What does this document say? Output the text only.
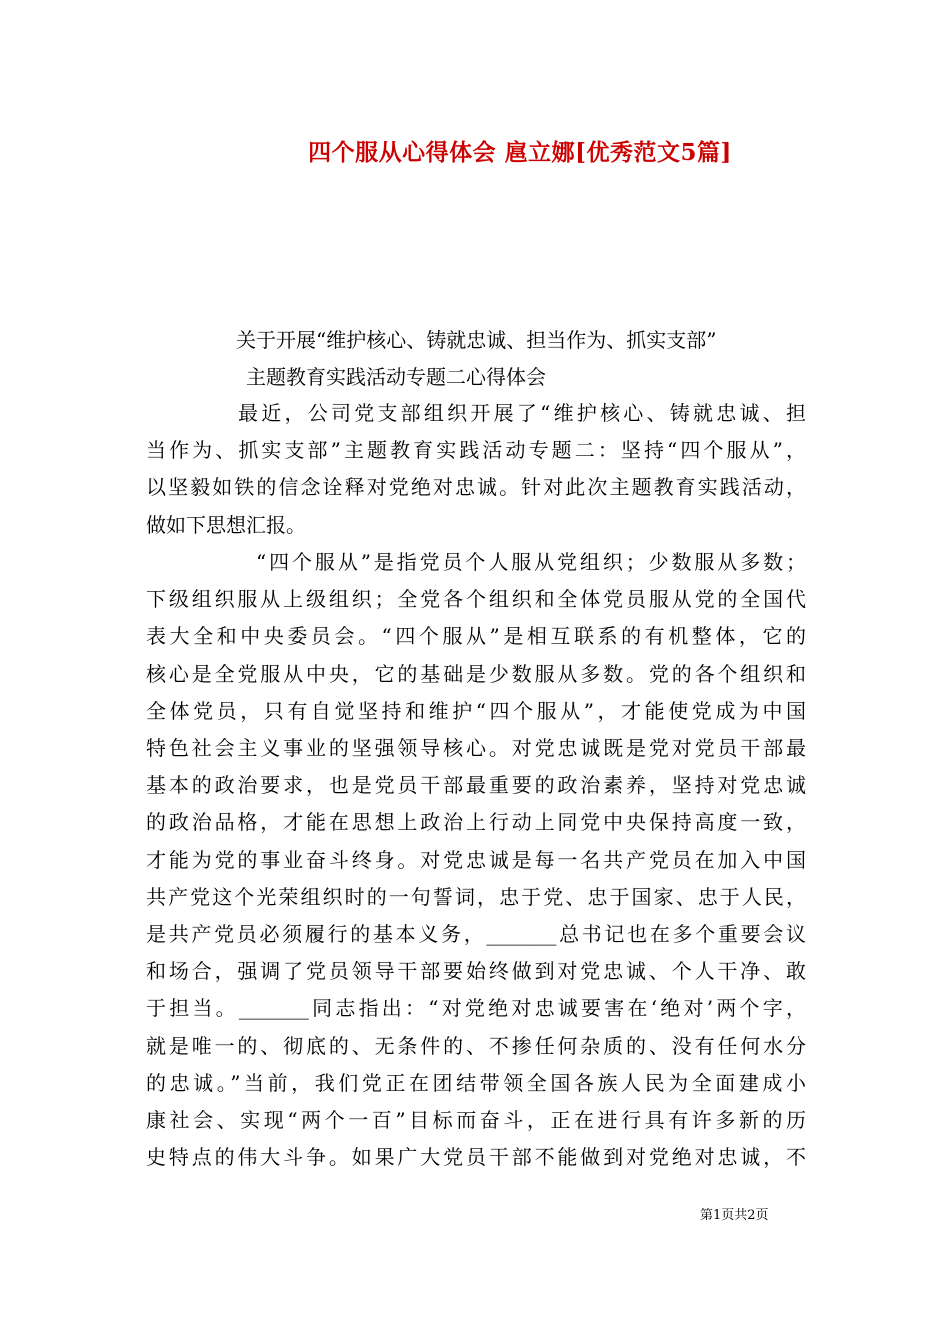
四个服从心得体会 扈立娜[优秀范文5篇]
关于开展“维护核心、铸就忠诚、担当作为、抓实支部”
主题教育实践活动专题二心得体会
最近，公司党支部组织开展了“维护核心、铸就忠诚、担
当作为、抓实支部”主题教育实践活动专题二：坚持“四个服从”，
以坚毅如铁的信念诠释对党绝对忠诚。针对此次主题教育实践活动，
做如下思想汇报。
“四个服从”是指党员个人服从党组织；少数服从多数；
下级组织服从上级组织；全党各个组织和全体党员服从党的全国代
表大全和中央委员会。“四个服从”是相互联系的有机整体，它的
核心是全党服从中央，它的基础是少数服从多数。党的各个组织和
全体党员，只有自觉坚持和维护“四个服从”，才能使党成为中国
特色社会主义事业的坚强领导核心。对党忠诚既是党对党员干部最
基本的政治要求，也是党员干部最重要的政治素养，坚持对党忠诚
的政治品格，才能在思想上政治上行动上同党中央保持高度一致，
才能为党的事业奋斗终身。对党忠诚是每一名共产党员在加入中国
共产党这个光荣组织时的一句誓词，忠于党、忠于国家、忠于人民，
是共产党员必须履行的基本义务，_______总书记也在多个重要会议
和场合，强调了党员领导干部要始终做到对党忠诚、个人干净、敢
于担当。_______同志指出：“对党绝对忠诚要害在‘绝对’两个字，
就是唯一的、彻底的、无条件的、不掺任何杂质的、没有任何水分
的忠诚。”当前，我们党正在团结带领全国各族人民为全面建成小
康社会、实现“两个一百”目标而奋斗，正在进行具有许多新的历
史特点的伟大斗争。如果广大党员干部不能做到对党绝对忠诚，不
第1页共2页
